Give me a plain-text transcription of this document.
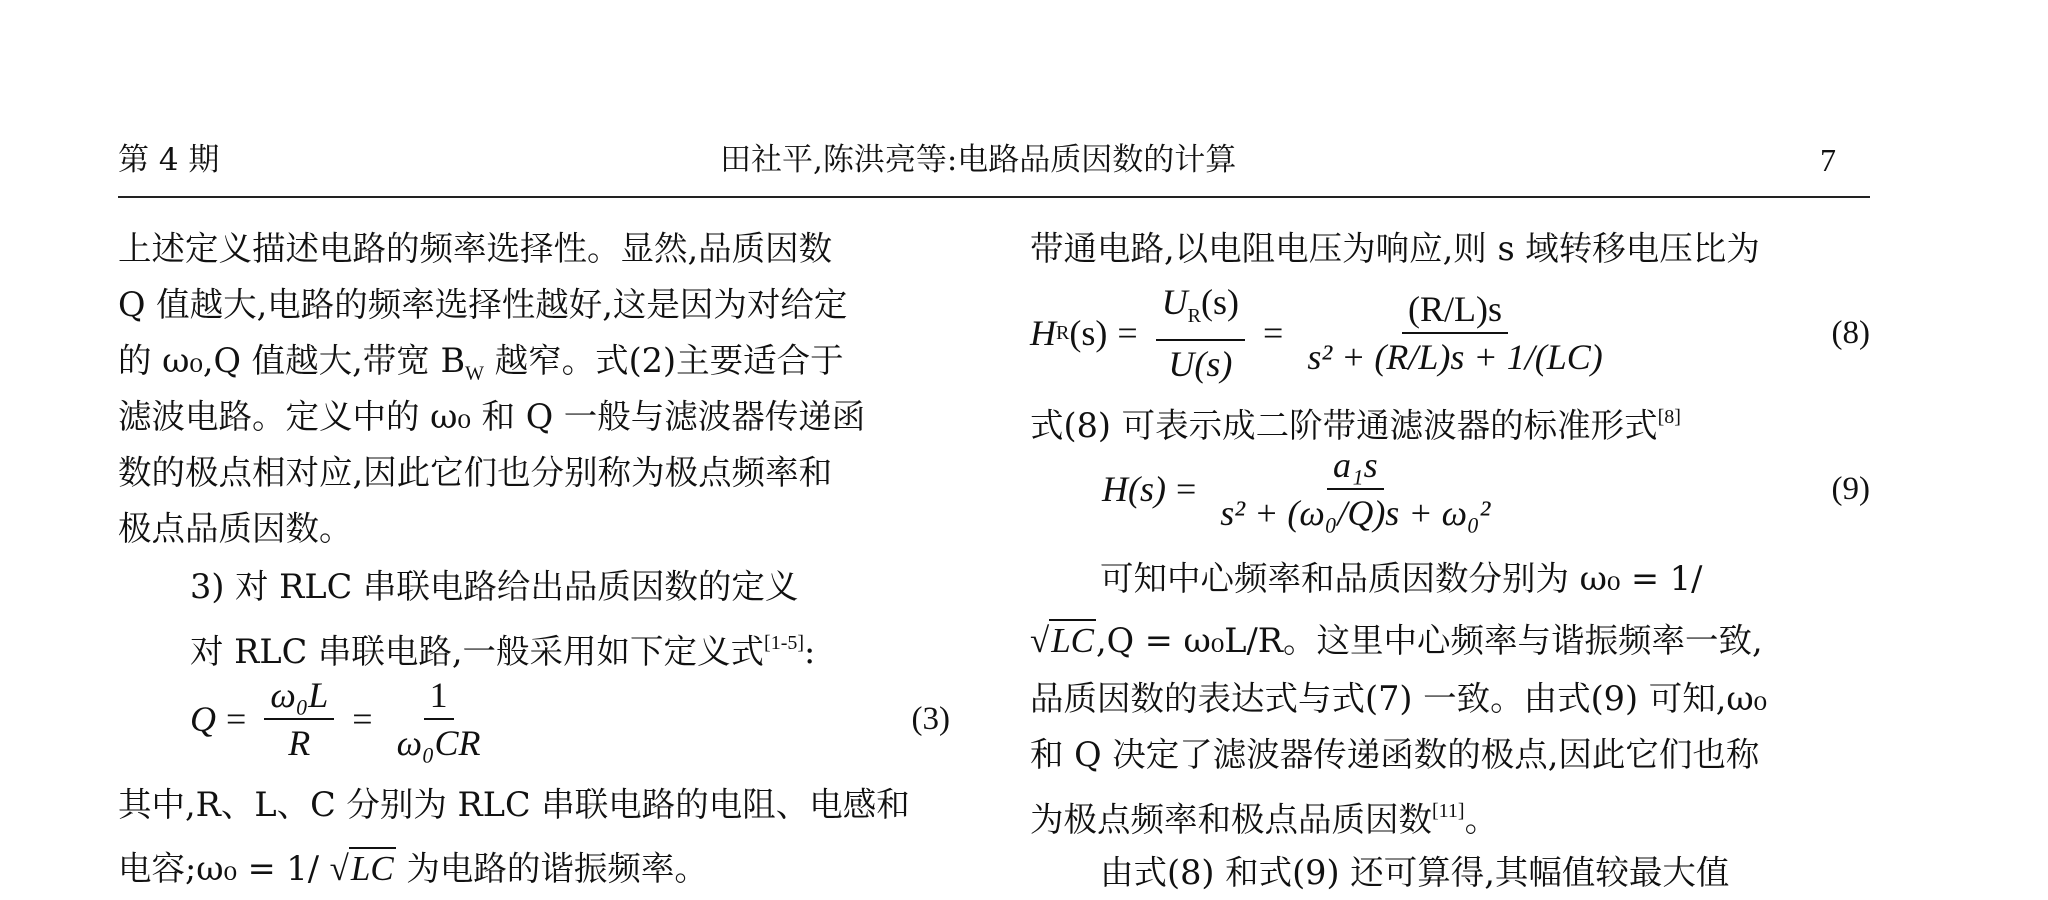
第 4 期	田社平,陈洪亮等:电路品质因数的计算	7
上述定义描述电路的频率选择性。显然,品质因数
Q 值越大,电路的频率选择性越好,这是因为对给定
的 ω₀,Q 值越大,带宽 $B_W$ 越窄。式(2)主要适合于
滤波电路。定义中的 ω₀ 和 Q 一般与滤波器传递函
数的极点相对应,因此它们也分别称为极点频率和
极点品质因数。
3) 对 RLC 串联电路给出品质因数的定义
对 RLC 串联电路,一般采用如下定义式[1-5]:
$Q = \frac{\text{ω₀L}}{R} = \frac{1}{\text{ω₀CR}}$	(3)
其中,R、L、C 分别为 RLC 串联电路的电阻、电感和
电容;ω₀ = 1/ √LC 为电路的谐振频率。
带通电路,以电阻电压为响应,则 s 域转移电压比为
H R $(s) = \frac{U_R(s)}{U(s)} = \frac{(R/L)s}{\text{s² + (R/L)s + 1/(LC)}}$	(8)
式(8) 可表示成二阶带通滤波器的标准形式[8]
$H(s) = \frac{\text{a₁s}}{\text{s² + (ω₀/Q)s + ω₀²}}$	(9)
可知中心频率和品质因数分别为 ω₀ = 1/
√LC,Q = ω₀L/R。这里中心频率与谐振频率一致,
品质因数的表达式与式(7) 一致。由式(9) 可知,ω₀
和 Q 决定了滤波器传递函数的极点,因此它们也称
为极点频率和极点品质因数[11]。
由式(8) 和式(9) 还可算得,其幅值较最大值
